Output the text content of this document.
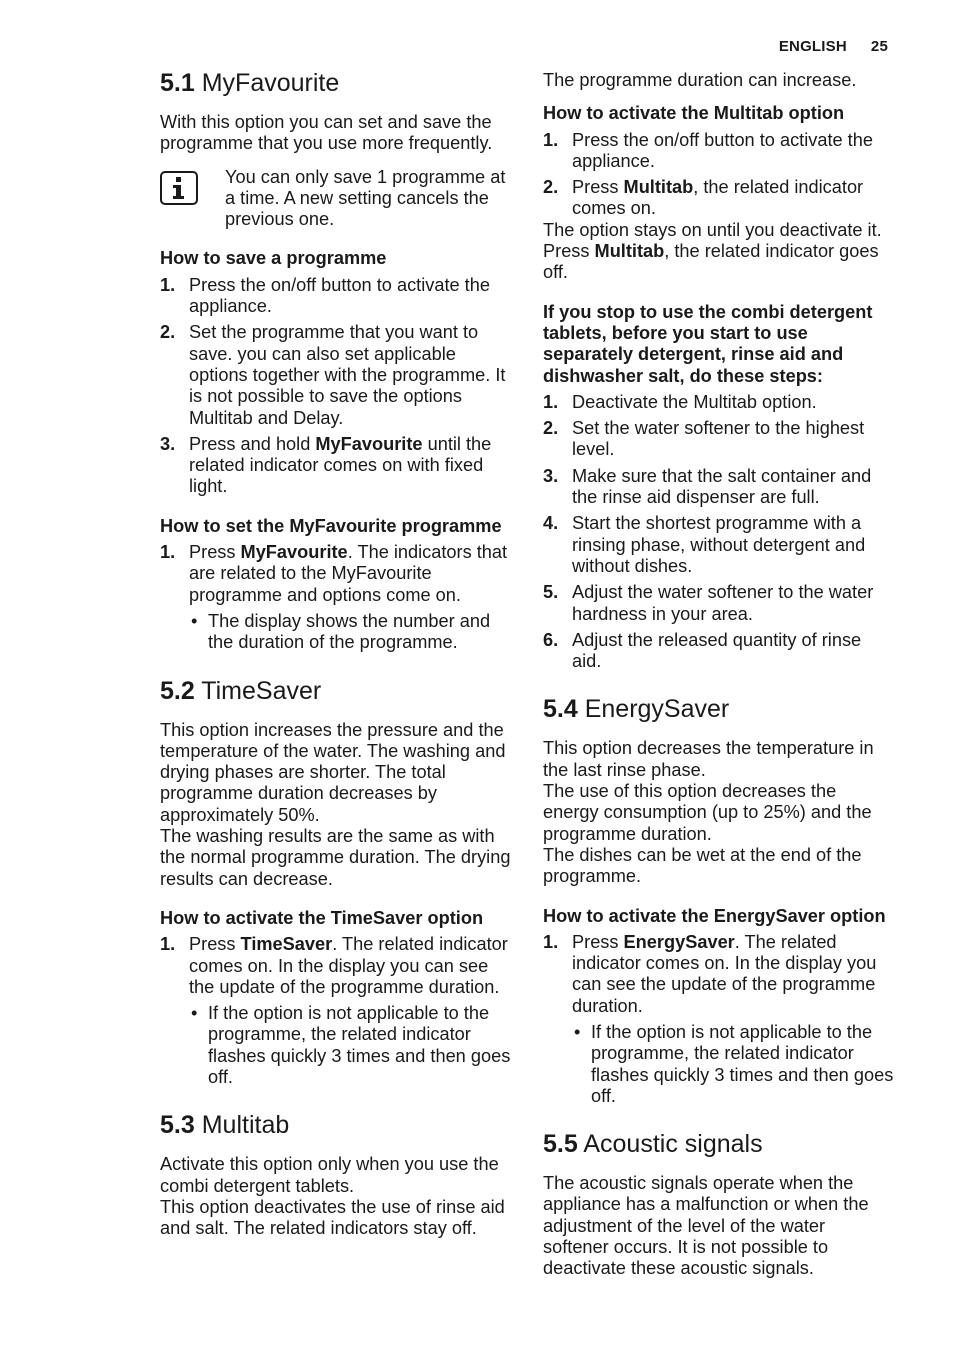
ENGLISH 25
5.1 MyFavourite

With this option you can set and save the programme that you use more frequently.

You can only save 1 programme at a time. A new setting cancels the previous one.

How to save a programme
1. Press the on/off button to activate the appliance.
2. Set the programme that you want to save. you can also set applicable options together with the programme. It is not possible to save the options Multitab and Delay.
3. Press and hold MyFavourite until the related indicator comes on with fixed light.
How to set the MyFavourite programme
1. Press MyFavourite. The indicators that are related to the MyFavourite programme and options come on.
• The display shows the number and the duration of the programme.
5.2 TimeSaver

This option increases the pressure and the temperature of the water. The washing and drying phases are shorter. The total programme duration decreases by approximately 50%.

The washing results are the same as with the normal programme duration. The drying results can decrease.

How to activate the TimeSaver option
1. Press TimeSaver. The related indicator comes on. In the display you can see the update of the programme duration.
• If the option is not applicable to the programme, the related indicator flashes quickly 3 times and then goes off.
5.3 Multitab

Activate this option only when you use the combi detergent tablets.

This option deactivates the use of rinse aid and salt. The related indicators stay off.

The programme duration can increase.

How to activate the Multitab option
1. Press the on/off button to activate the appliance.
2. Press Multitab, the related indicator comes on.

The option stays on until you deactivate it. Press Multitab, the related indicator goes off.

If you stop to use the combi detergent tablets, before you start to use separately detergent, rinse aid and dishwasher salt, do these steps:
1. Deactivate the Multitab option.
2. Set the water softener to the highest level.
3. Make sure that the salt container and the rinse aid dispenser are full.
4. Start the shortest programme with a rinsing phase, without detergent and without dishes.
5. Adjust the water softener to the water hardness in your area.
6. Adjust the released quantity of rinse aid.
5.4 EnergySaver

This option decreases the temperature in the last rinse phase.

The use of this option decreases the energy consumption (up to 25%) and the programme duration.

The dishes can be wet at the end of the programme.

How to activate the EnergySaver option
1. Press EnergySaver. The related indicator comes on. In the display you can see the update of the programme duration.
• If the option is not applicable to the programme, the related indicator flashes quickly 3 times and then goes off.
5.5 Acoustic signals

The acoustic signals operate when the appliance has a malfunction or when the adjustment of the level of the water softener occurs. It is not possible to deactivate these acoustic signals.
